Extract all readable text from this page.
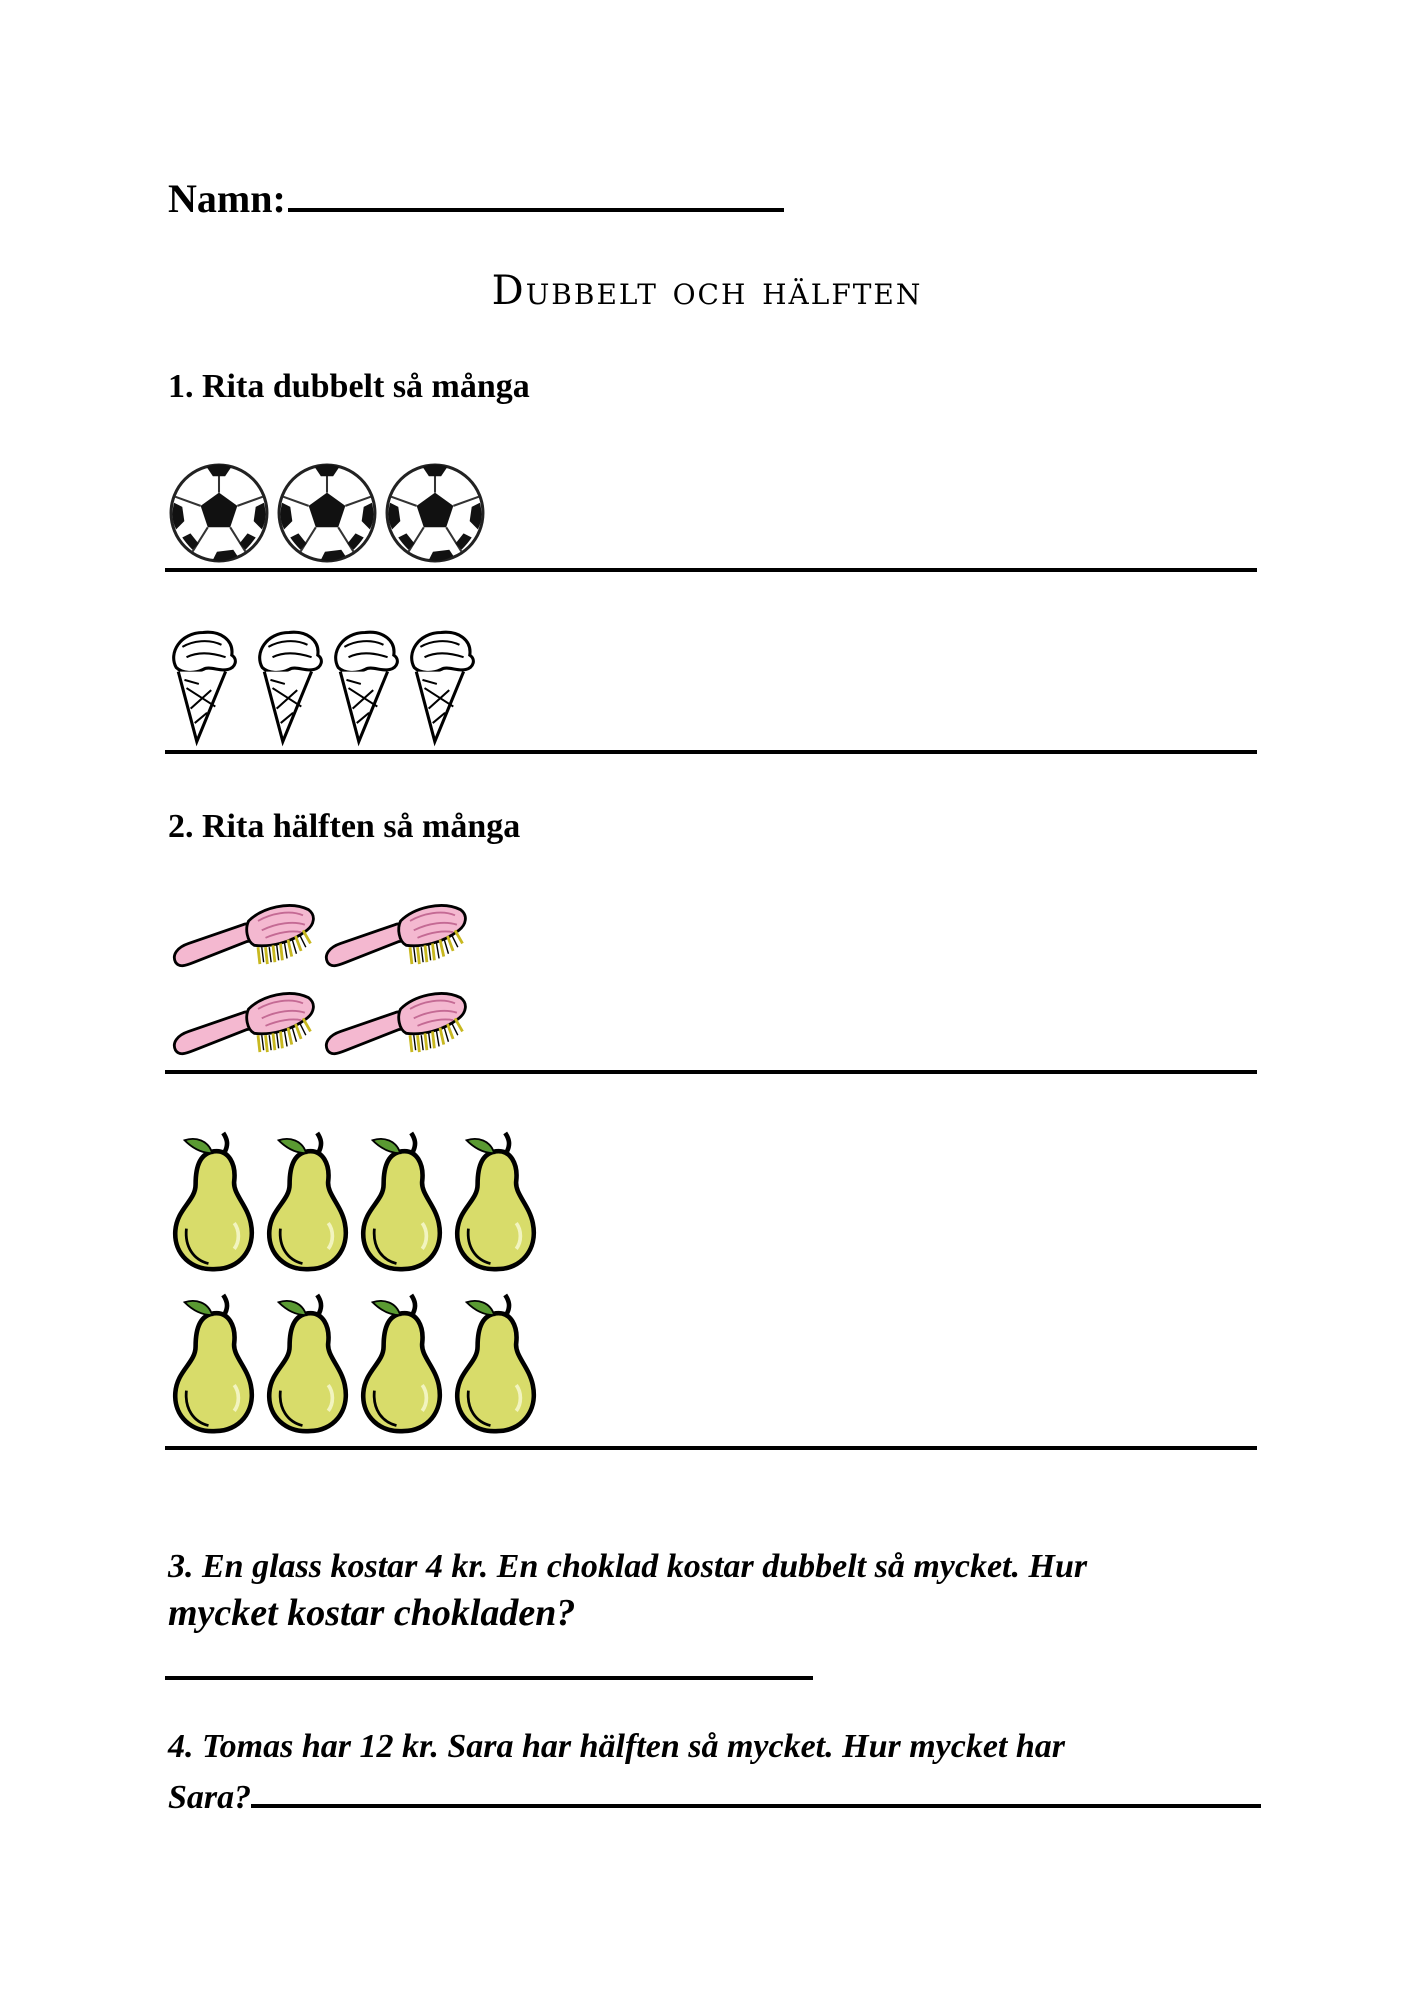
Namn:
Dubbelt och hälften
1. Rita dubbelt så många
2. Rita hälften så många
3. En glass kostar 4 kr. En choklad kostar dubbelt så mycket. Hur
mycket kostar chokladen?
4. Tomas har 12 kr. Sara har hälften så mycket. Hur mycket har
Sara?
